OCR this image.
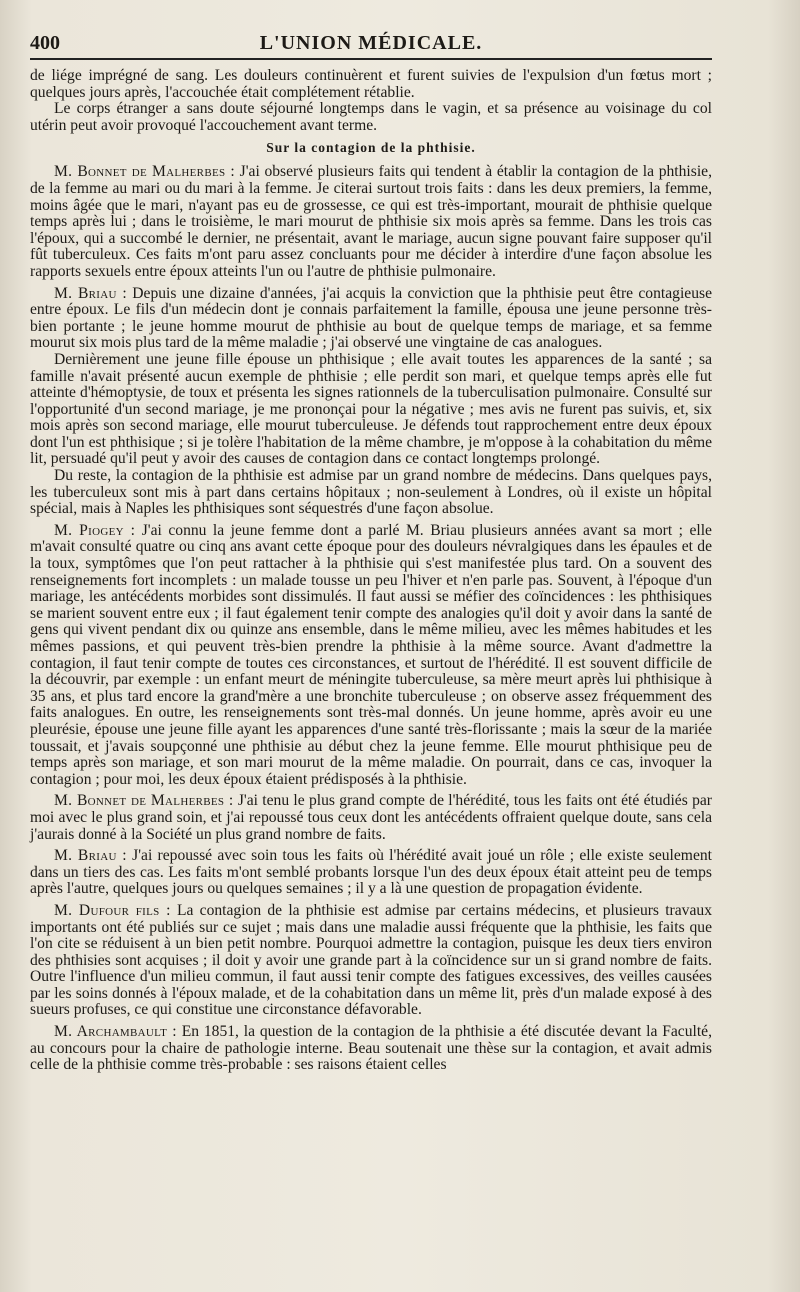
400	L'UNION MÉDICALE.

de liége imprégné de sang. Les douleurs continuèrent et furent suivies de l'expulsion d'un fœtus mort ; quelques jours après, l'accouchée était complétement rétablie.

Le corps étranger a sans doute séjourné longtemps dans le vagin, et sa présence au voisinage du col utérin peut avoir provoqué l'accouchement avant terme.

Sur la contagion de la phthisie.

M. Bonnet de Malherbes : J'ai observé plusieurs faits qui tendent à établir la contagion de la phthisie, de la femme au mari ou du mari à la femme. Je citerai surtout trois faits : dans les deux premiers, la femme, moins âgée que le mari, n'ayant pas eu de grossesse, ce qui est très-important, mourait de phthisie quelque temps après lui ; dans le troisième, le mari mourut de phthisie six mois après sa femme. Dans les trois cas l'époux, qui a succombé le dernier, ne présentait, avant le mariage, aucun signe pouvant faire supposer qu'il fût tuberculeux. Ces faits m'ont paru assez concluants pour me décider à interdire d'une façon absolue les rapports sexuels entre époux atteints l'un ou l'autre de phthisie pulmonaire.

M. Briau : Depuis une dizaine d'années, j'ai acquis la conviction que la phthisie peut être contagieuse entre époux. Le fils d'un médecin dont je connais parfaitement la famille, épousa une jeune personne très-bien portante ; le jeune homme mourut de phthisie au bout de quelque temps de mariage, et sa femme mourut six mois plus tard de la même maladie ; j'ai observé une vingtaine de cas analogues.

Dernièrement une jeune fille épouse un phthisique ; elle avait toutes les apparences de la santé ; sa famille n'avait présenté aucun exemple de phthisie ; elle perdit son mari, et quelque temps après elle fut atteinte d'hémoptysie, de toux et présenta les signes rationnels de la tuberculisation pulmonaire. Consulté sur l'opportunité d'un second mariage, je me prononçai pour la négative ; mes avis ne furent pas suivis, et, six mois après son second mariage, elle mourut tuberculeuse. Je défends tout rapprochement entre deux époux dont l'un est phthisique ; si je tolère l'habitation de la même chambre, je m'oppose à la cohabitation du même lit, persuadé qu'il peut y avoir des causes de contagion dans ce contact longtemps prolongé.

Du reste, la contagion de la phthisie est admise par un grand nombre de médecins. Dans quelques pays, les tuberculeux sont mis à part dans certains hôpitaux ; non-seulement à Londres, où il existe un hôpital spécial, mais à Naples les phthisiques sont séquestrés d'une façon absolue.

M. Piogey : J'ai connu la jeune femme dont a parlé M. Briau plusieurs années avant sa mort ; elle m'avait consulté quatre ou cinq ans avant cette époque pour des douleurs névralgiques dans les épaules et de la toux, symptômes que l'on peut rattacher à la phthisie qui s'est manifestée plus tard. On a souvent des renseignements fort incomplets : un malade tousse un peu l'hiver et n'en parle pas. Souvent, à l'époque d'un mariage, les antécédents morbides sont dissimulés. Il faut aussi se méfier des coïncidences : les phthisiques se marient souvent entre eux ; il faut également tenir compte des analogies qu'il doit y avoir dans la santé de gens qui vivent pendant dix ou quinze ans ensemble, dans le même milieu, avec les mêmes habitudes et les mêmes passions, et qui peuvent très-bien prendre la phthisie à la même source. Avant d'admettre la contagion, il faut tenir compte de toutes ces circonstances, et surtout de l'hérédité. Il est souvent difficile de la découvrir, par exemple : un enfant meurt de méningite tuberculeuse, sa mère meurt après lui phthisique à 35 ans, et plus tard encore la grand'mère a une bronchite tuberculeuse ; on observe assez fréquemment des faits analogues. En outre, les renseignements sont très-mal donnés. Un jeune homme, après avoir eu une pleurésie, épouse une jeune fille ayant les apparences d'une santé très-florissante ; mais la sœur de la mariée toussait, et j'avais soupçonné une phthisie au début chez la jeune femme. Elle mourut phthisique peu de temps après son mariage, et son mari mourut de la même maladie. On pourrait, dans ce cas, invoquer la contagion ; pour moi, les deux époux étaient prédisposés à la phthisie.

M. Bonnet de Malherbes : J'ai tenu le plus grand compte de l'hérédité, tous les faits ont été étudiés par moi avec le plus grand soin, et j'ai repoussé tous ceux dont les antécédents offraient quelque doute, sans cela j'aurais donné à la Société un plus grand nombre de faits.

M. Briau : J'ai repoussé avec soin tous les faits où l'hérédité avait joué un rôle ; elle existe seulement dans un tiers des cas. Les faits m'ont semblé probants lorsque l'un des deux époux était atteint peu de temps après l'autre, quelques jours ou quelques semaines ; il y a là une question de propagation évidente.

M. Dufour fils : La contagion de la phthisie est admise par certains médecins, et plusieurs travaux importants ont été publiés sur ce sujet ; mais dans une maladie aussi fréquente que la phthisie, les faits que l'on cite se réduisent à un bien petit nombre. Pourquoi admettre la contagion, puisque les deux tiers environ des phthisies sont acquises ; il doit y avoir une grande part à la coïncidence sur un si grand nombre de faits. Outre l'influence d'un milieu commun, il faut aussi tenir compte des fatigues excessives, des veilles causées par les soins donnés à l'époux malade, et de la cohabitation dans un même lit, près d'un malade exposé à des sueurs profuses, ce qui constitue une circonstance défavorable.

M. Archambault : En 1851, la question de la contagion de la phthisie a été discutée devant la Faculté, au concours pour la chaire de pathologie interne. Beau soutenait une thèse sur la contagion, et avait admis celle de la phthisie comme très-probable : ses raisons étaient celles
